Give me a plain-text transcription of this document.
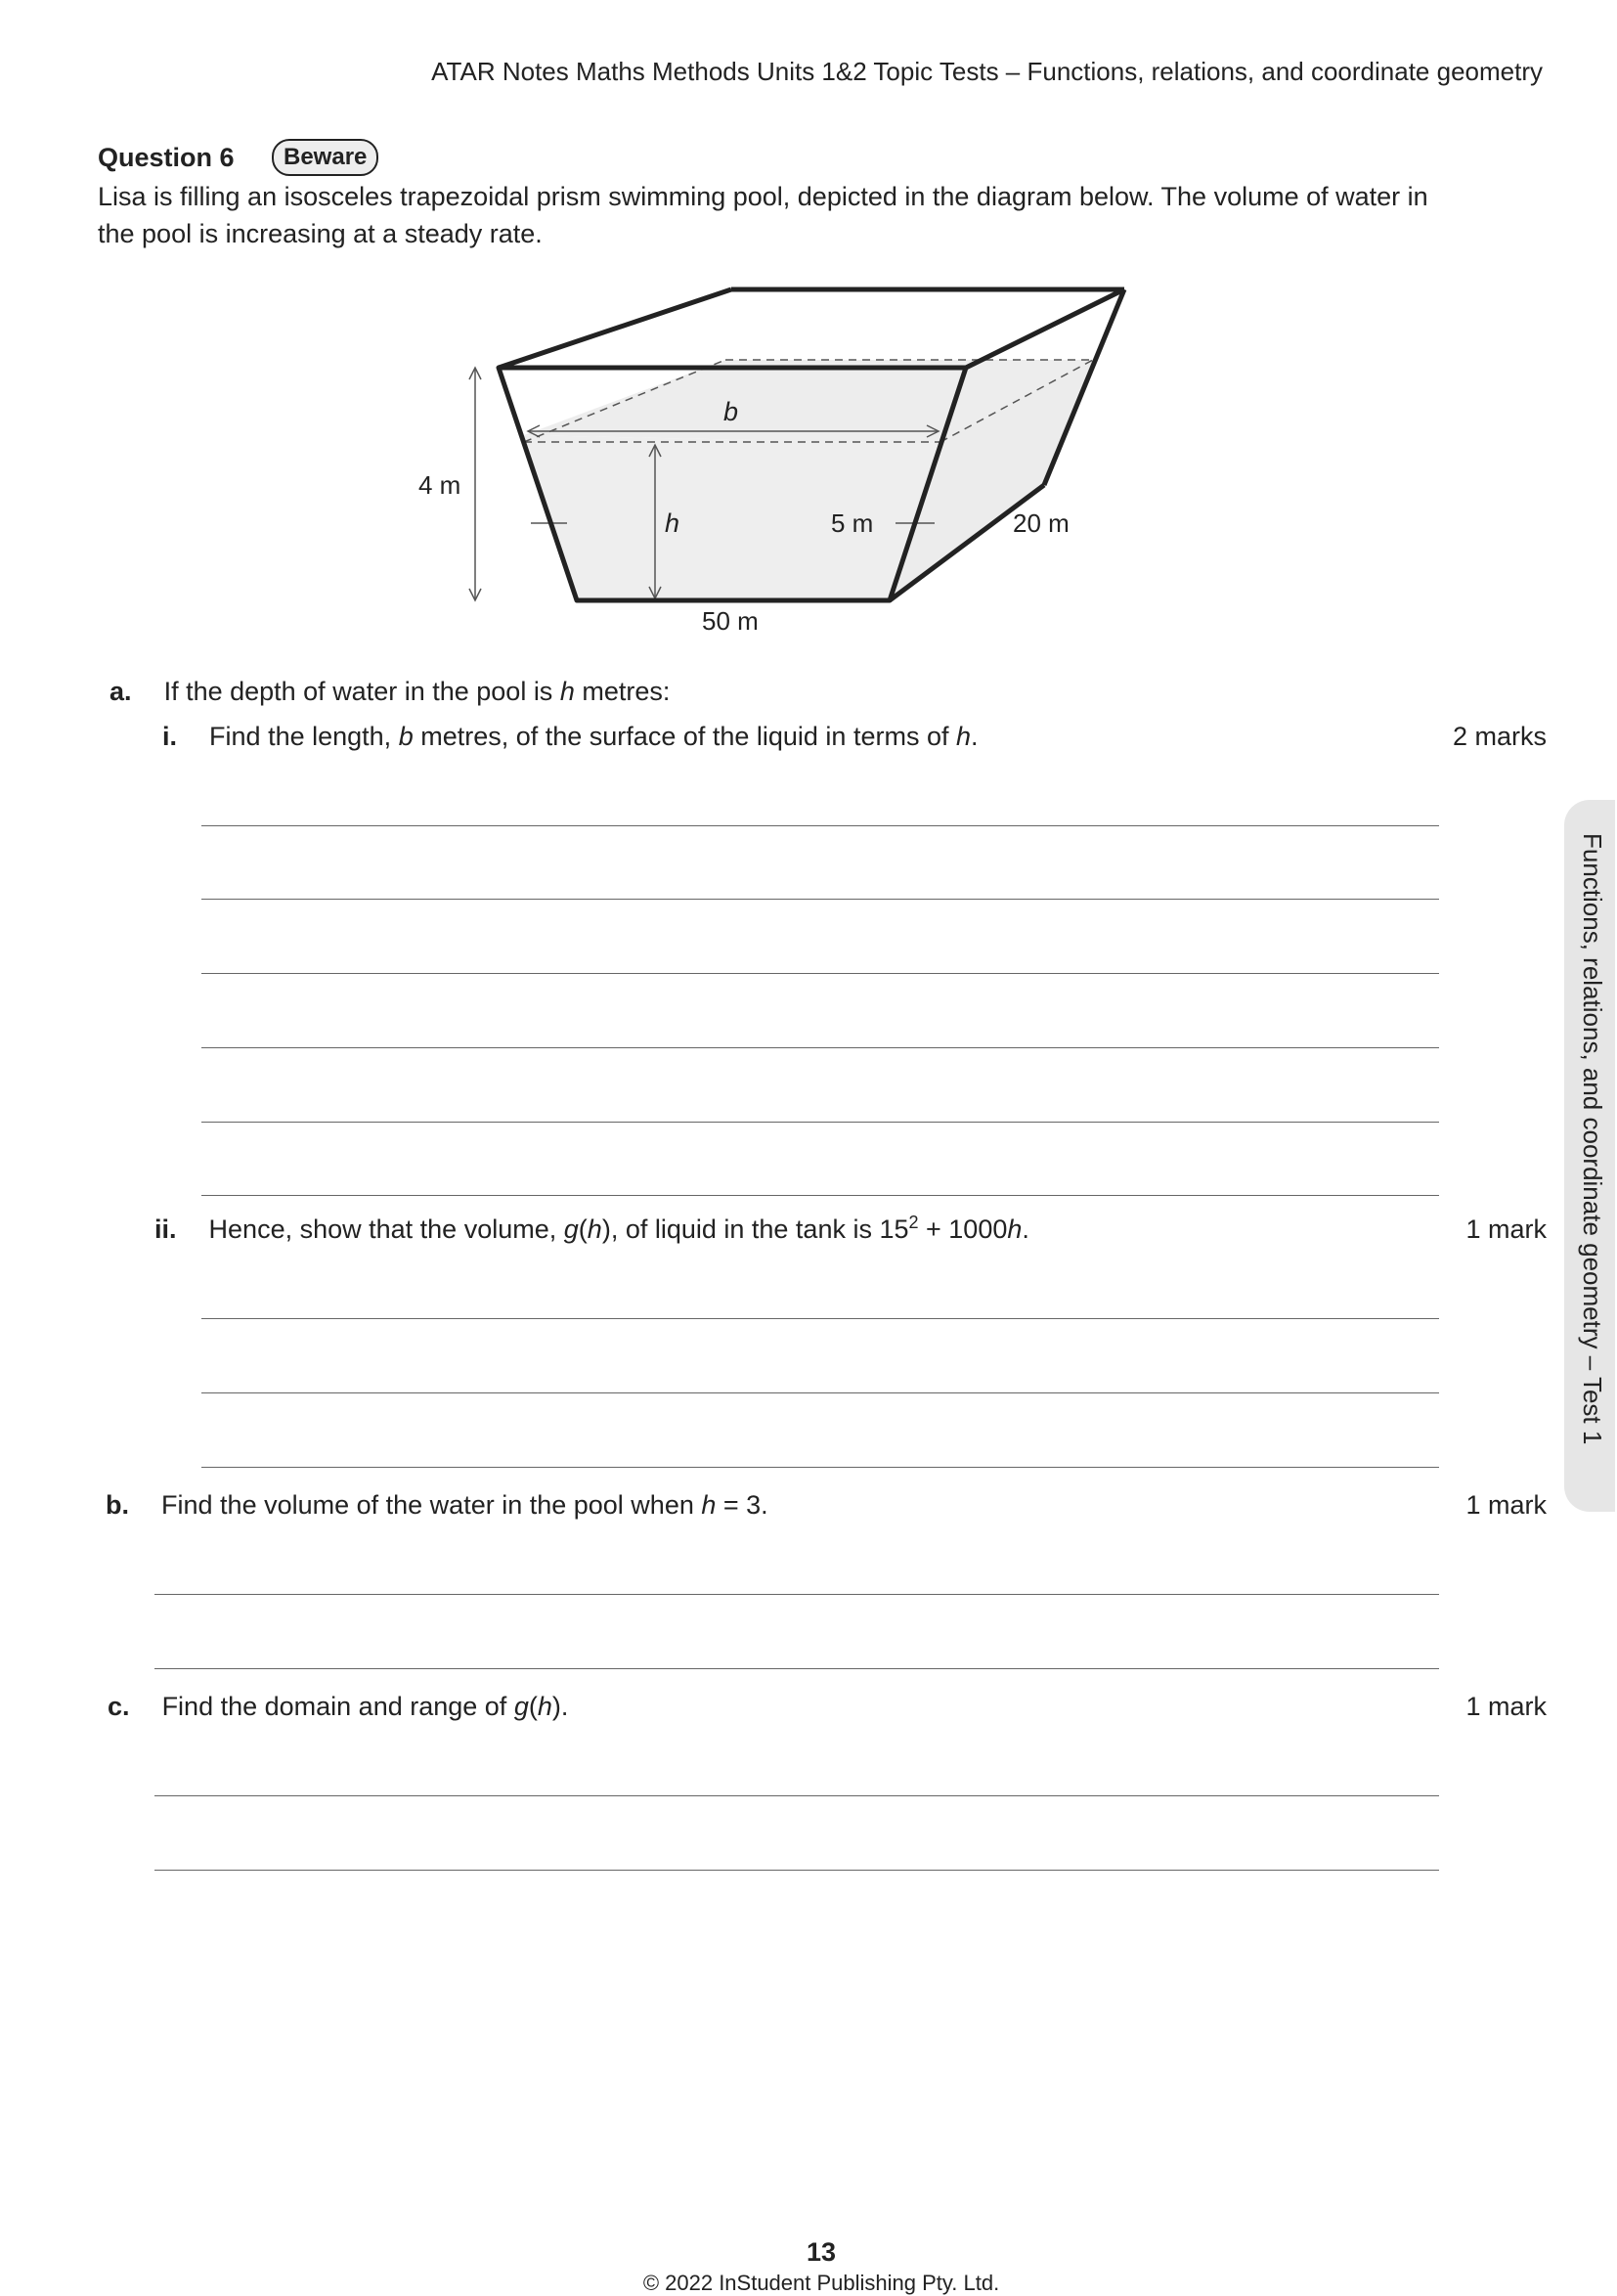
ATAR Notes Maths Methods Units 1&2 Topic Tests – Functions, relations, and coordinate geometry
Question 6	Beware
Lisa is filling an isosceles trapezoidal prism swimming pool, depicted in the diagram below. The volume of water in the pool is increasing at a steady rate.
b
h
4 m
5 m	20 m
50 m
a. If the depth of water in the pool is h metres:
i. Find the length, b metres, of the surface of the liquid in terms of h.	2 marks
ii. Hence, show that the volume, g(h), of liquid in the tank is $15^2 + 1000h$.	1 mark
b. Find the volume of the water in the pool when h = 3.	1 mark
c. Find the domain and range of g(h).	1 mark
Functions, relations, and coordinate geometry – Test 1
13
© 2022 InStudent Publishing Pty. Ltd.
